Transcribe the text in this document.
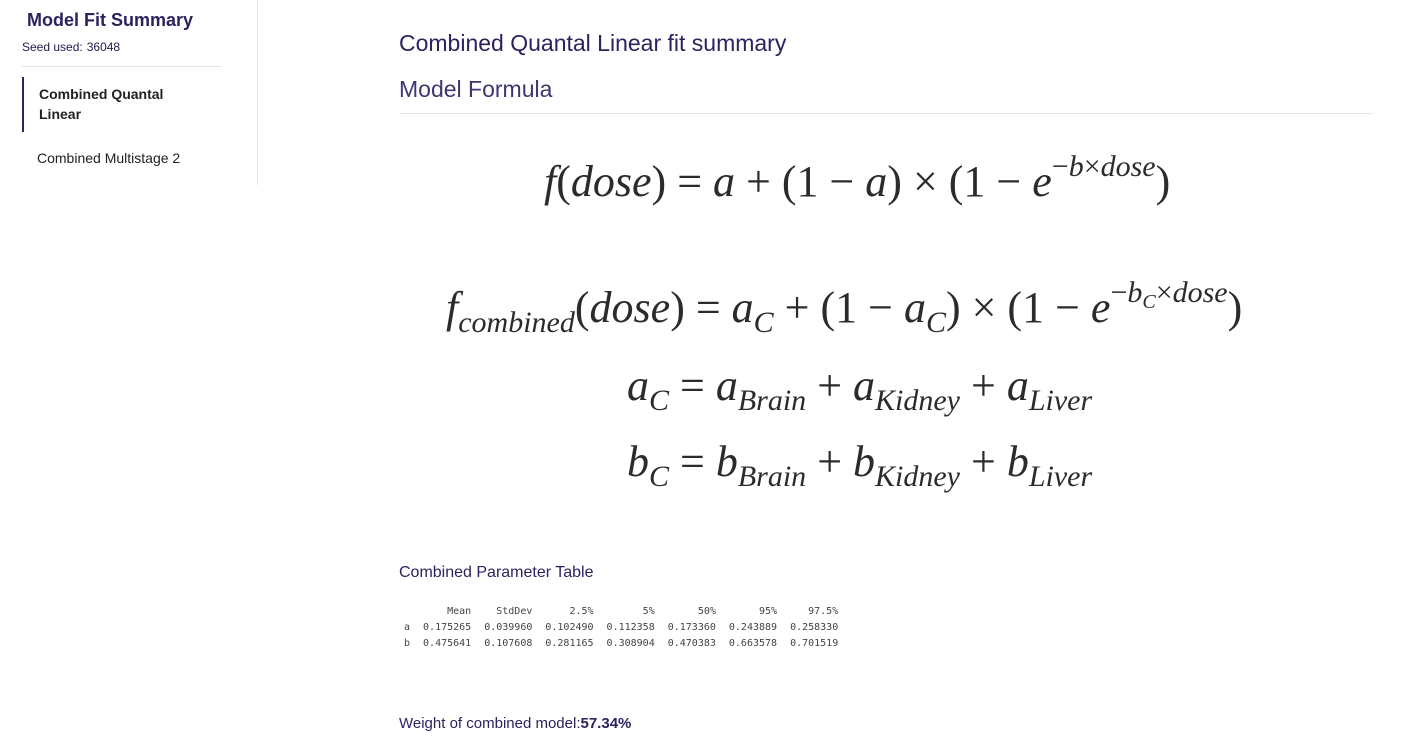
Model Fit Summary
Seed used: 36048
Combined Quantal Linear
Combined Multistage 2
Combined Quantal Linear fit summary
Model Formula
f(dose) = a + (1 − a) × (1 − e−b×dose)
$f_{combined}(dose) = a_C + (1 - a_C) \times (1$ − e−bC×dose)
$a_C = a_{Brain} + a_{Kidney} + a_{Liver}$
$b_C = b_{Brain} + b_{Kidney} + b_{Liver}$
Combined Parameter Table
	Mean	StdDev	2.5%	5%	50%	95%	97.5%
a	0.175265	0.039960	0.102490	0.112358	0.173360	0.243889	0.258330
b	0.475641	0.107608	0.281165	0.308904	0.470383	0.663578	0.701519
Weight of combined model:57.34%
